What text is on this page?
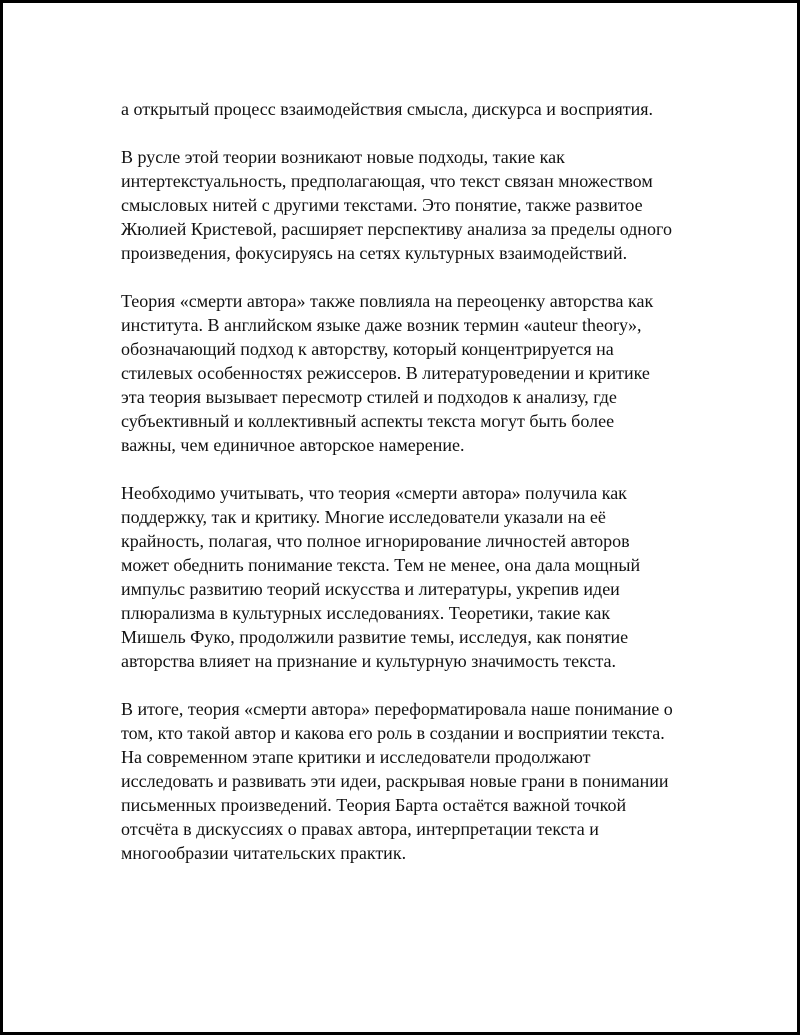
а открытый процесс взаимодействия смысла, дискурса и восприятия.

В русле этой теории возникают новые подходы, такие как
интертекстуальность, предполагающая, что текст связан множеством
смысловых нитей с другими текстами. Это понятие, также развитое
Жюлией Кристевой, расширяет перспективу анализа за пределы одного
произведения, фокусируясь на сетях культурных взаимодействий.

Теория «смерти автора» также повлияла на переоценку авторства как
института. В английском языке даже возник термин «auteur theory»,
обозначающий подход к авторству, который концентрируется на
стилевых особенностях режиссеров. В литературоведении и критике
эта теория вызывает пересмотр стилей и подходов к анализу, где
субъективный и коллективный аспекты текста могут быть более
важны, чем единичное авторское намерение.

Необходимо учитывать, что теория «смерти автора» получила как
поддержку, так и критику. Многие исследователи указали на её
крайность, полагая, что полное игнорирование личностей авторов
может обеднить понимание текста. Тем не менее, она дала мощный
импульс развитию теорий искусства и литературы, укрепив идеи
плюрализма в культурных исследованиях. Теоретики, такие как
Мишель Фуко, продолжили развитие темы, исследуя, как понятие
авторства влияет на признание и культурную значимость текста.

В итоге, теория «смерти автора» переформатировала наше понимание о
том, кто такой автор и какова его роль в создании и восприятии текста.
На современном этапе критики и исследователи продолжают
исследовать и развивать эти идеи, раскрывая новые грани в понимании
письменных произведений. Теория Барта остаётся важной точкой
отсчёта в дискуссиях о правах автора, интерпретации текста и
многообразии читательских практик.
